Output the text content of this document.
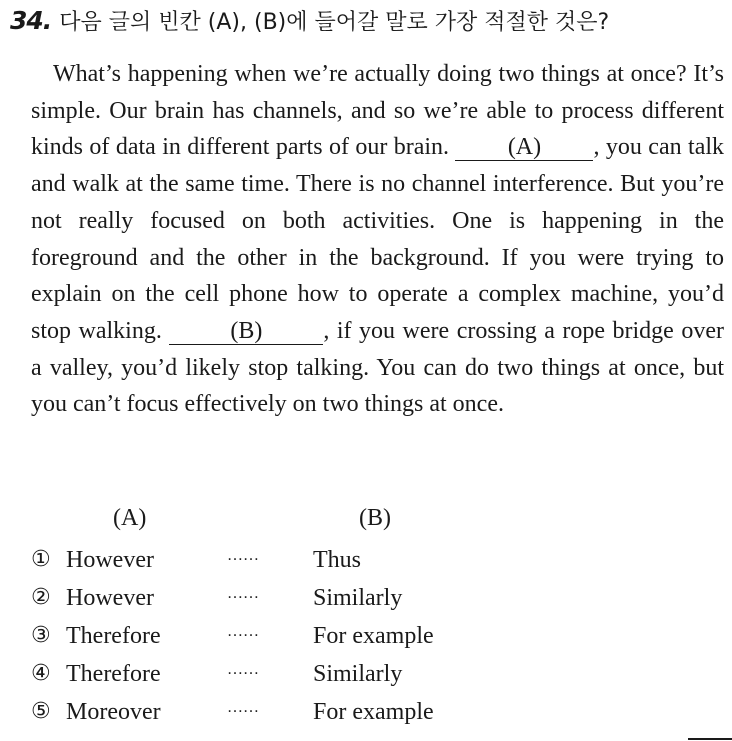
34. 다음 글의 빈칸 (A), (B)에 들어갈 말로 가장 적절한 것은?
What’s happening when we’re actually doing two things at once? It’s simple. Our brain has channels, and so we’re able to process different kinds of data in different parts of our brain. (A) , you can talk and walk at the same time. There is no channel interference. But you’re not really focused on both activities. One is happening in the foreground and the other in the background. If you were trying to explain on the cell phone how to operate a complex machine, you’d stop walking.	(B)	, if you were crossing a rope bridge over a valley, you’d likely stop talking. You can do two things at once, but you can’t focus effectively on two things at once.
(A)	(B)
① However	…… Thus
② However	…… Similarly
③ Therefore	…… For example
④ Therefore	…… Similarly
⑤ Moreover	…… For example
